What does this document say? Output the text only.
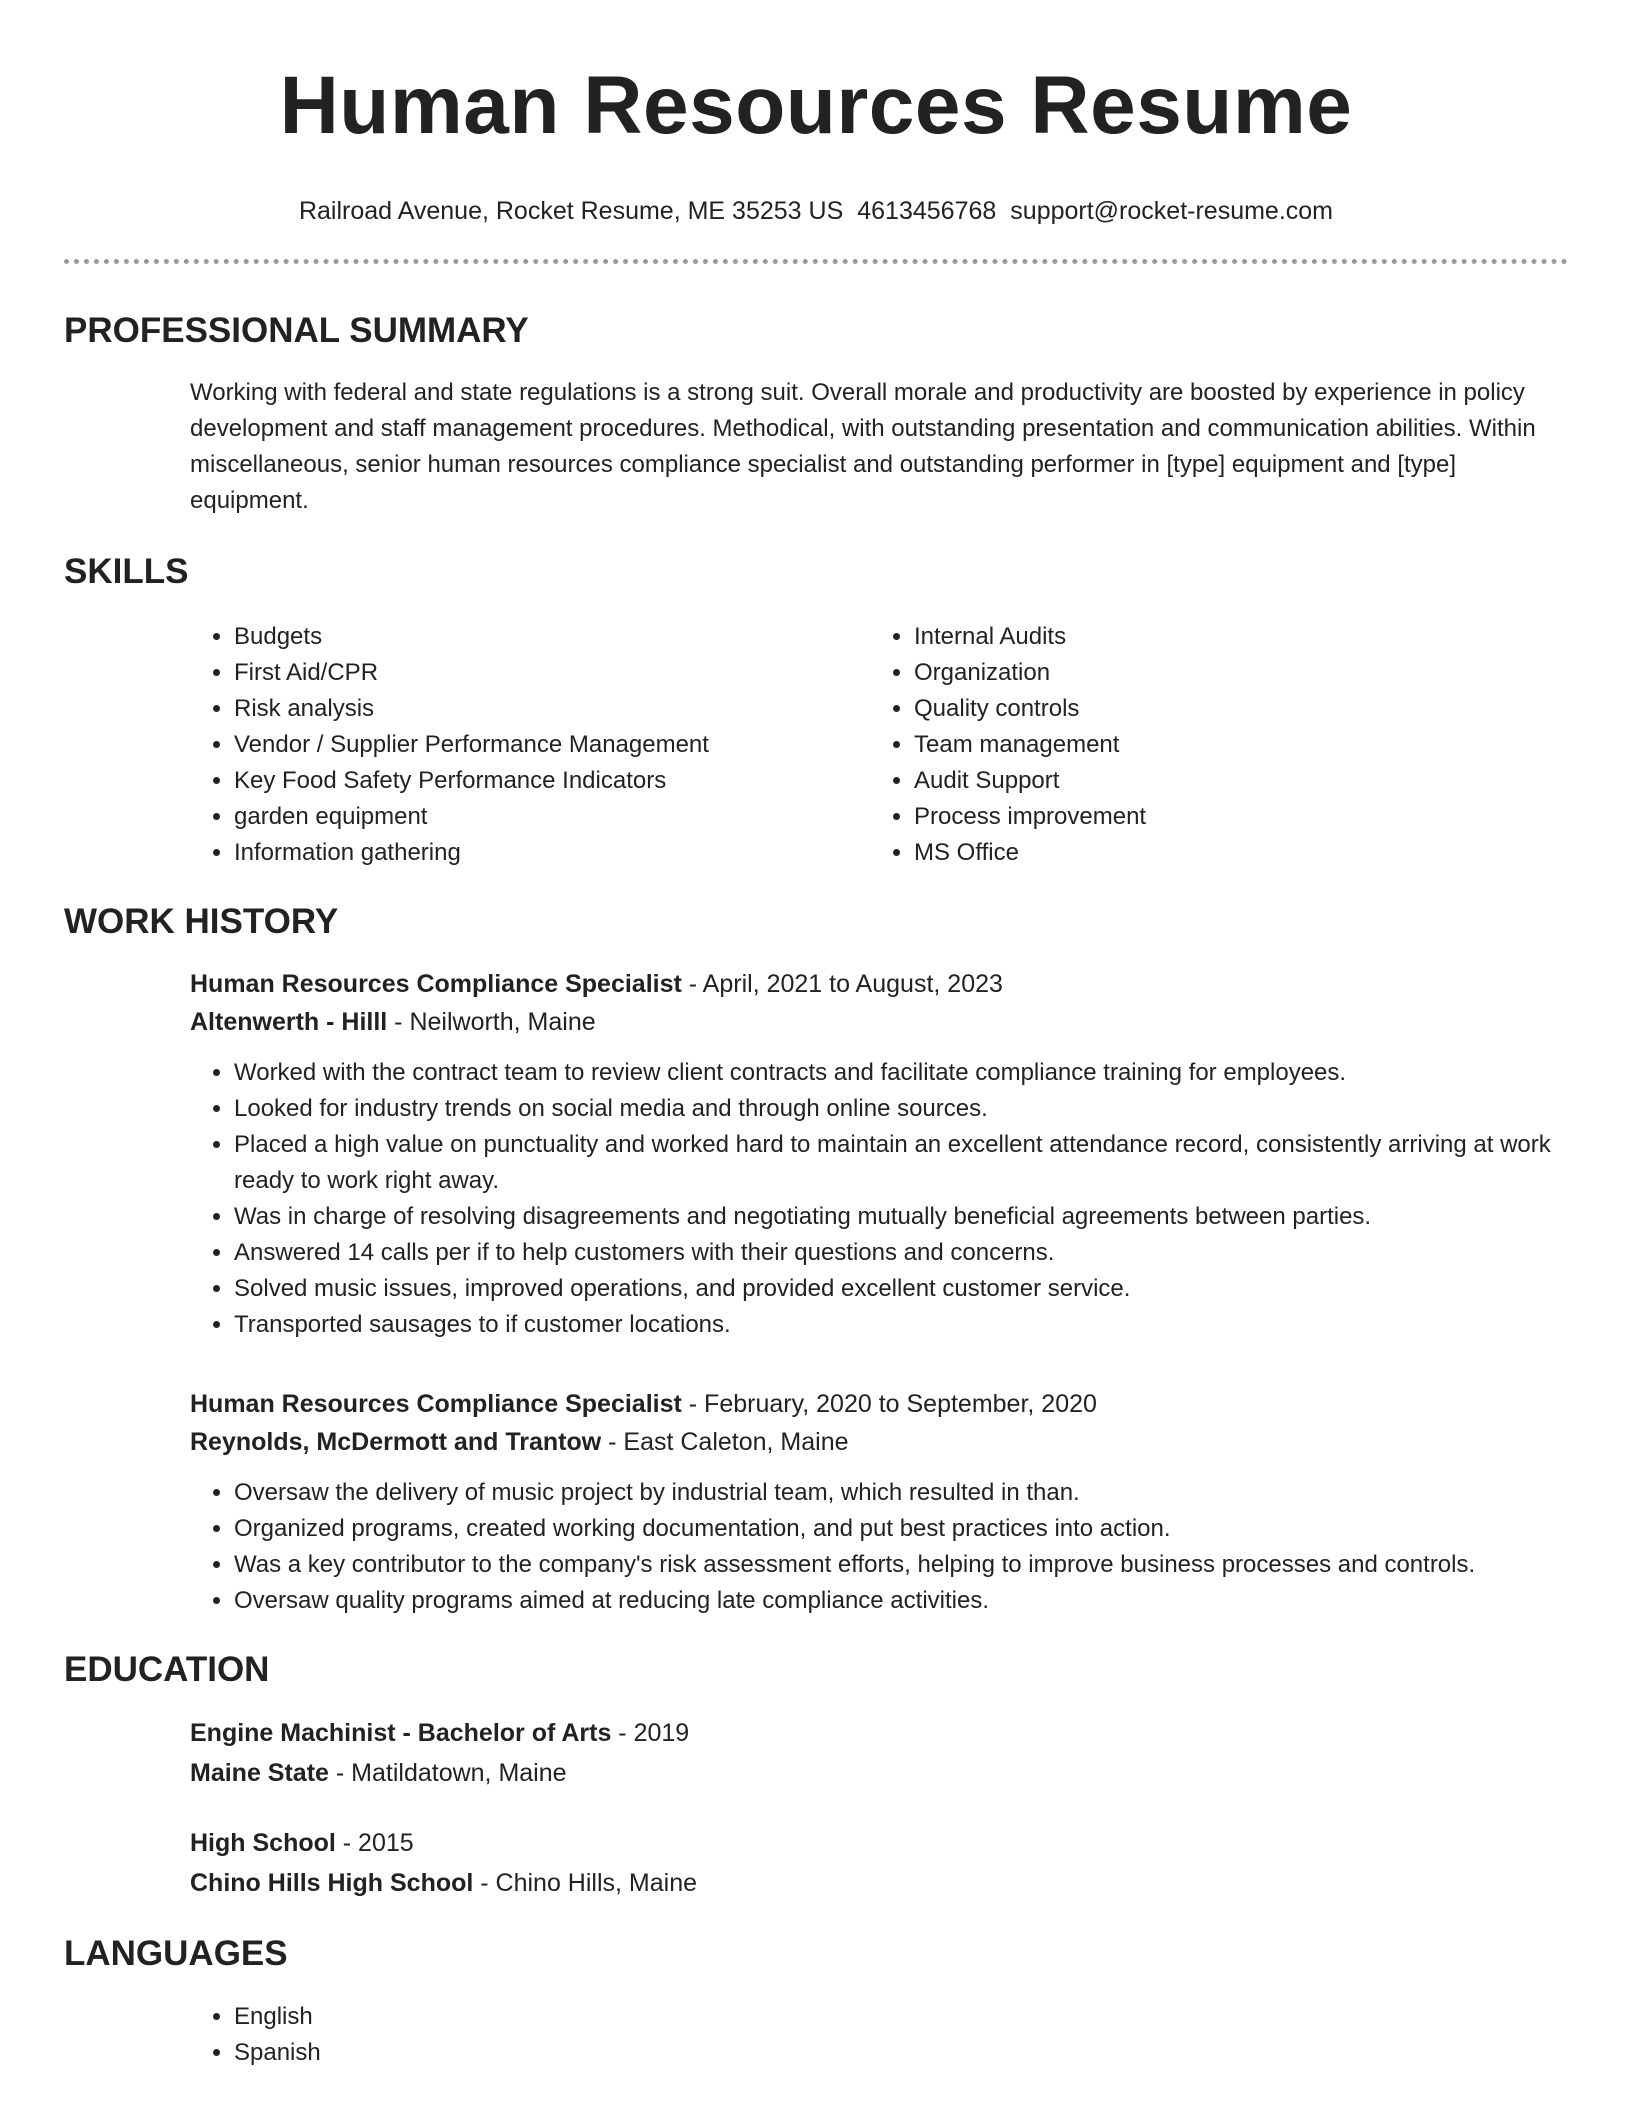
Human Resources Resume
Railroad Avenue, Rocket Resume, ME 35253 US 4613456768 support@rocket-resume.com
PROFESSIONAL SUMMARY
Working with federal and state regulations is a strong suit. Overall morale and productivity are boosted by experience in policy development and staff management procedures. Methodical, with outstanding presentation and communication abilities. Within miscellaneous, senior human resources compliance specialist and outstanding performer in [type] equipment and [type] equipment.
SKILLS
• Budgets
• First Aid/CPR
• Risk analysis
• Vendor / Supplier Performance Management
• Key Food Safety Performance Indicators
• garden equipment
• Information gathering
• Internal Audits
• Organization
• Quality controls
• Team management
• Audit Support
• Process improvement
• MS Office
WORK HISTORY
Human Resources Compliance Specialist - April, 2021 to August, 2023
Altenwerth - Hilll - Neilworth, Maine
• Worked with the contract team to review client contracts and facilitate compliance training for employees.
• Looked for industry trends on social media and through online sources.
• Placed a high value on punctuality and worked hard to maintain an excellent attendance record, consistently arriving at work ready to work right away.
• Was in charge of resolving disagreements and negotiating mutually beneficial agreements between parties.
• Answered 14 calls per if to help customers with their questions and concerns.
• Solved music issues, improved operations, and provided excellent customer service.
• Transported sausages to if customer locations.
Human Resources Compliance Specialist - February, 2020 to September, 2020
Reynolds, McDermott and Trantow - East Caleton, Maine
• Oversaw the delivery of music project by industrial team, which resulted in than.
• Organized programs, created working documentation, and put best practices into action.
• Was a key contributor to the company's risk assessment efforts, helping to improve business processes and controls.
• Oversaw quality programs aimed at reducing late compliance activities.
EDUCATION
Engine Machinist - Bachelor of Arts - 2019
Maine State - Matildatown, Maine
High School - 2015
Chino Hills High School - Chino Hills, Maine
LANGUAGES
• English
• Spanish
